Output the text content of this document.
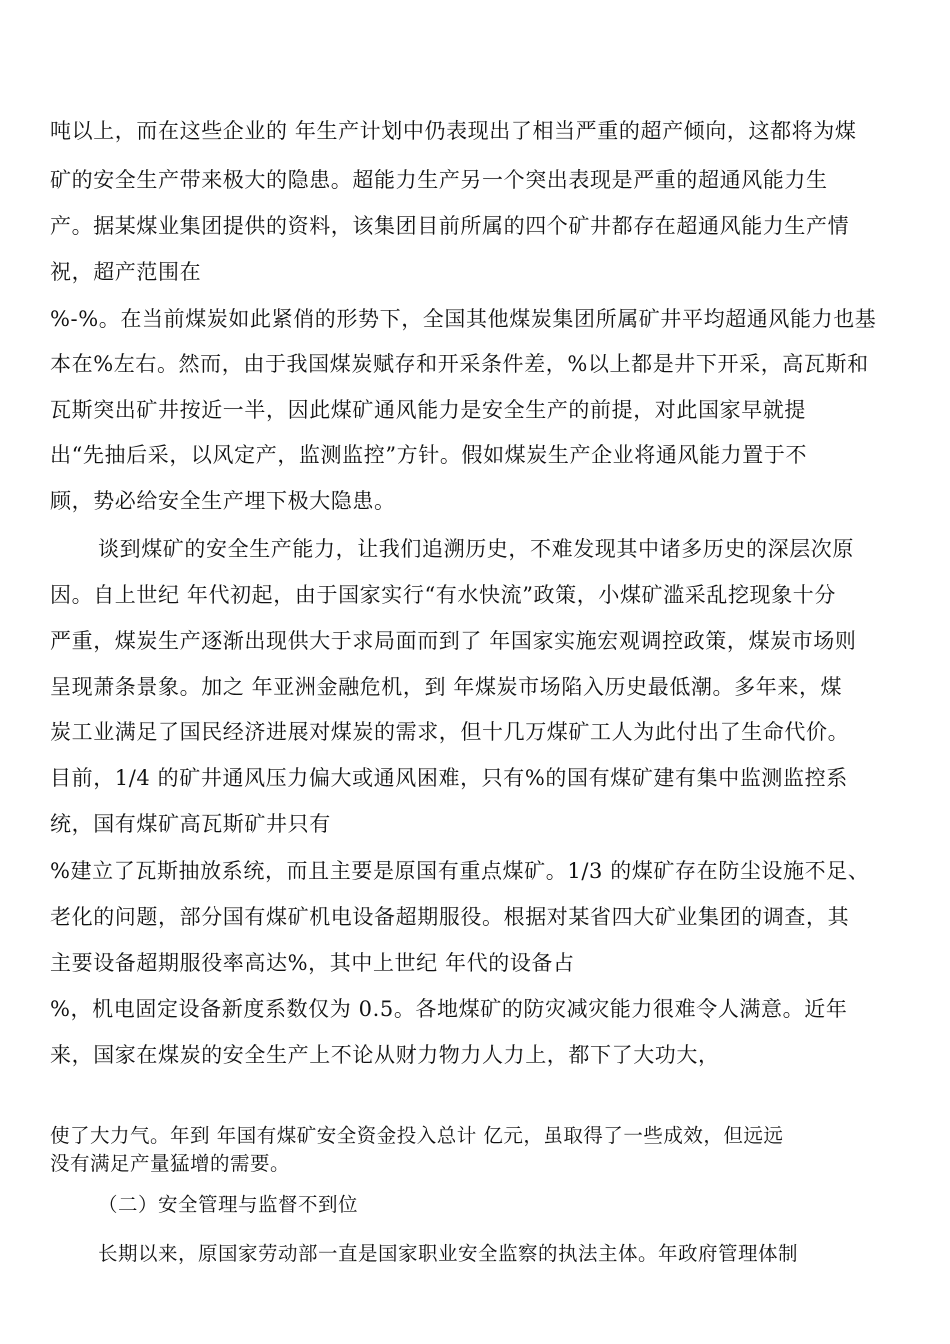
吨以上，而在这些企业的 年生产计划中仍表现出了相当严重的超产倾向，这都将为煤
矿的安全生产带来极大的隐患。超能力生产另一个突出表现是严重的超通风能力生
产。据某煤业集团提供的资料，该集团目前所属的四个矿井都存在超通风能力生产情
祝，超产范围在
%-%。在当前煤炭如此紧俏的形势下，全国其他煤炭集团所属矿井平均超通风能力也基
本在%左右。然而，由于我国煤炭赋存和开采条件差，%以上都是井下开采，高瓦斯和
瓦斯突出矿井按近一半，因此煤矿通风能力是安全生产的前提，对此国家早就提
出“先抽后采，以风定产，监测监控”方针。假如煤炭生产企业将通风能力置于不
顾，势必给安全生产埋下极大隐患。
谈到煤矿的安全生产能力，让我们追溯历史，不难发现其中诸多历史的深层次原
因。自上世纪 年代初起，由于国家实行“有水快流”政策，小煤矿滥采乱挖现象十分
严重，煤炭生产逐渐出现供大于求局面而到了 年国家实施宏观调控政策，煤炭市场则
呈现萧条景象。加之 年亚洲金融危机，到 年煤炭市场陷入历史最低潮。多年来，煤
炭工业满足了国民经济进展对煤炭的需求，但十几万煤矿工人为此付出了生命代价。
目前，1/4 的矿井通风压力偏大或通风困难，只有%的国有煤矿建有集中监测监控系
统，国有煤矿高瓦斯矿井只有
%建立了瓦斯抽放系统，而且主要是原国有重点煤矿。1/3 的煤矿存在防尘设施不足、
老化的问题，部分国有煤矿机电设备超期服役。根据对某省四大矿业集团的调查，其
主要设备超期服役率高达%，其中上世纪 年代的设备占
%，机电固定设备新度系数仅为 0.5。各地煤矿的防灾减灾能力很难令人满意。近年
来，国家在煤炭的安全生产上不论从财力物力人力上，都下了大功大，
使了大力气。年到 年国有煤矿安全资金投入总计 亿元，虽取得了一些成效，但远远
没有满足产量猛增的需要。
（二）安全管理与监督不到位
长期以来，原国家劳动部一直是国家职业安全监察的执法主体。年政府管理体制
